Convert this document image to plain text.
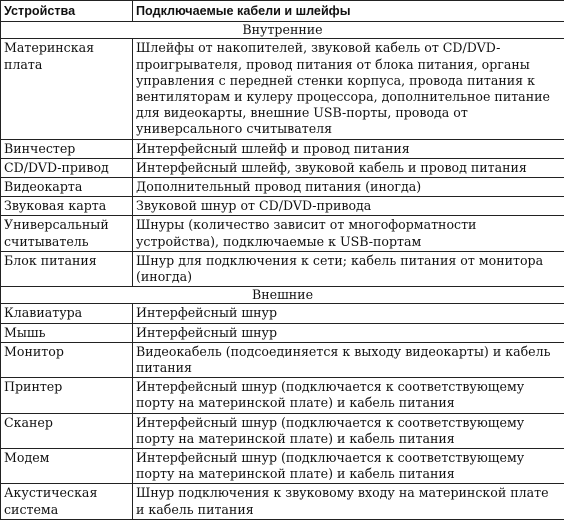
Устройства	Подключаемые кабели и шлейфы
Внутренние	
Материнская плата	Шлейфы от накопителей, звуковой кабель от CD/DVD-проигрывателя, провод питания от блока питания, органы управления с передней стенки корпуса, провода питания к вентиляторам и кулеру процессора, дополнительное питание для видеокарты, внешние USB-порты, провода от универсального считывателя
Винчестер	Интерфейсный шлейф и провод питания
CD/DVD-привод	Интерфейсный шлейф, звуковой кабель и провод питания
Видеокарта	Дополнительный провод питания (иногда)
Звуковая карта	Звуковой шнур от CD/DVD-привода
Универсальный считыватель	Шнуры (количество зависит от многоформатности устройства), подключаемые к USB-портам
Блок питания	Шнур для подключения к сети; кабель питания от монитора (иногда)
Внешние	
Клавиатура	Интерфейсный шнур
Мышь	Интерфейсный шнур
Монитор	Видеокабель (подсоединяется к выходу видеокарты) и кабель питания
Принтер	Интерфейсный шнур (подключается к соответствующему порту на материнской плате) и кабель питания
Сканер	Интерфейсный шнур (подключается к соответствующему порту на материнской плате) и кабель питания
Модем	Интерфейсный шнур (подключается к соответствующему порту на материнской плате) и кабель питания
Акустическая система	Шнур подключения к звуковому входу на материнской плате и кабель питания
